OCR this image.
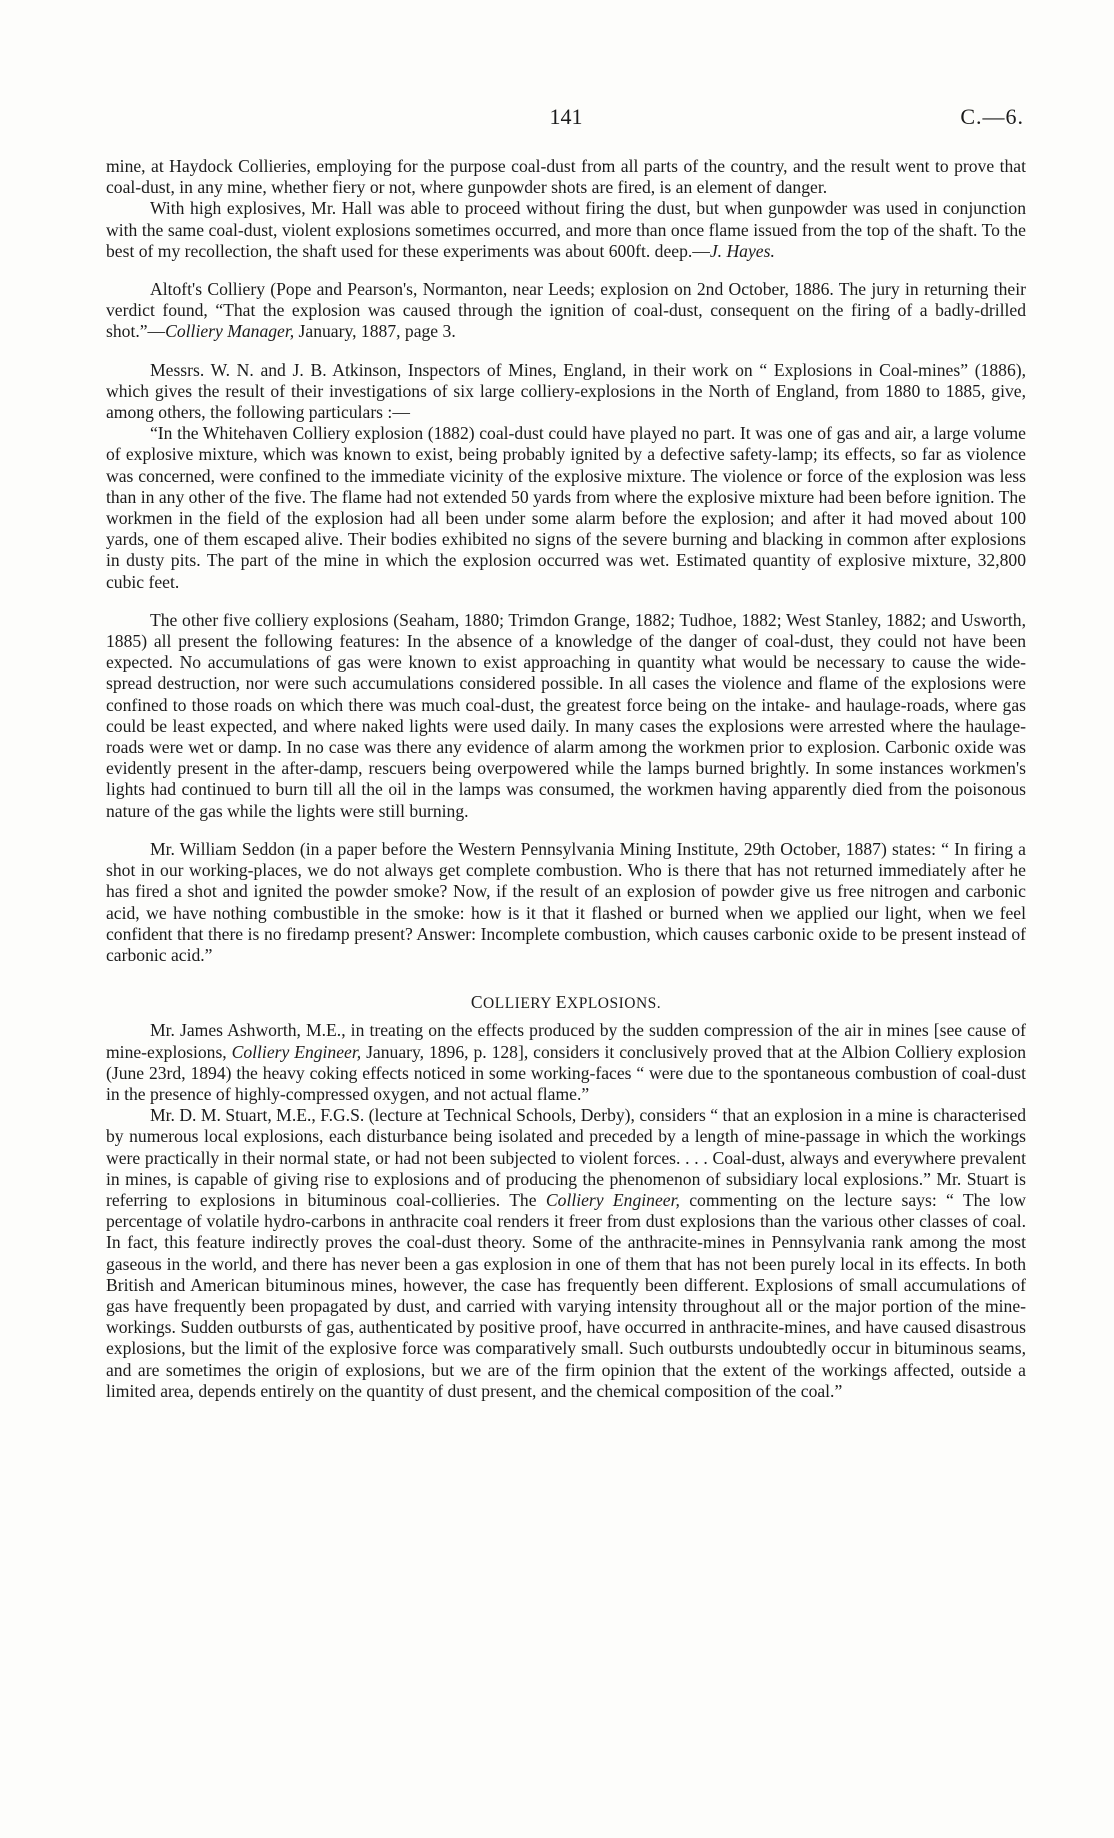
141	C.—6.

mine, at Haydock Collieries, employing for the purpose coal-dust from all parts of the country, and the result went to prove that coal-dust, in any mine, whether fiery or not, where gunpowder shots are fired, is an element of danger.

With high explosives, Mr. Hall was able to proceed without firing the dust, but when gunpowder was used in conjunction with the same coal-dust, violent explosions sometimes occurred, and more than once flame issued from the top of the shaft. To the best of my recollection, the shaft used for these experiments was about 600ft. deep.—J. Hayes.

Altoft's Colliery (Pope and Pearson's, Normanton, near Leeds; explosion on 2nd October, 1886. The jury in returning their verdict found, “That the explosion was caused through the ignition of coal-dust, consequent on the firing of a badly-drilled shot.”—Colliery Manager, January, 1887, page 3.

Messrs. W. N. and J. B. Atkinson, Inspectors of Mines, England, in their work on “ Explosions in Coal-mines” (1886), which gives the result of their investigations of six large colliery-explosions in the North of England, from 1880 to 1885, give, among others, the following particulars :—

“In the Whitehaven Colliery explosion (1882) coal-dust could have played no part. It was one of gas and air, a large volume of explosive mixture, which was known to exist, being probably ignited by a defective safety-lamp; its effects, so far as violence was concerned, were confined to the immediate vicinity of the explosive mixture. The violence or force of the explosion was less than in any other of the five. The flame had not extended 50 yards from where the explosive mixture had been before ignition. The workmen in the field of the explosion had all been under some alarm before the explosion; and after it had moved about 100 yards, one of them escaped alive. Their bodies exhibited no signs of the severe burning and blacking in common after explosions in dusty pits. The part of the mine in which the explosion occurred was wet. Estimated quantity of explosive mixture, 32,800 cubic feet.

The other five colliery explosions (Seaham, 1880; Trimdon Grange, 1882; Tudhoe, 1882; West Stanley, 1882; and Usworth, 1885) all present the following features: In the absence of a knowledge of the danger of coal-dust, they could not have been expected. No accumulations of gas were known to exist approaching in quantity what would be necessary to cause the wide-spread destruction, nor were such accumulations considered possible. In all cases the violence and flame of the explosions were confined to those roads on which there was much coal-dust, the greatest force being on the intake- and haulage-roads, where gas could be least expected, and where naked lights were used daily. In many cases the explosions were arrested where the haulage-roads were wet or damp. In no case was there any evidence of alarm among the workmen prior to explosion. Carbonic oxide was evidently present in the after-damp, rescuers being overpowered while the lamps burned brightly. In some instances workmen's lights had continued to burn till all the oil in the lamps was consumed, the workmen having apparently died from the poisonous nature of the gas while the lights were still burning.

Mr. William Seddon (in a paper before the Western Pennsylvania Mining Institute, 29th October, 1887) states: “ In firing a shot in our working-places, we do not always get complete combustion. Who is there that has not returned immediately after he has fired a shot and ignited the powder smoke? Now, if the result of an explosion of powder give us free nitrogen and carbonic acid, we have nothing combustible in the smoke: how is it that it flashed or burned when we applied our light, when we feel confident that there is no firedamp present? Answer: Incomplete combustion, which causes carbonic oxide to be present instead of carbonic acid.”

COLLIERY EXPLOSIONS.

Mr. James Ashworth, M.E., in treating on the effects produced by the sudden compression of the air in mines [see cause of mine-explosions, Colliery Engineer, January, 1896, p. 128], considers it conclusively proved that at the Albion Colliery explosion (June 23rd, 1894) the heavy coking effects noticed in some working-faces “ were due to the spontaneous combustion of coal-dust in the presence of highly-compressed oxygen, and not actual flame.”

Mr. D. M. Stuart, M.E., F.G.S. (lecture at Technical Schools, Derby), considers “ that an explosion in a mine is characterised by numerous local explosions, each disturbance being isolated and preceded by a length of mine-passage in which the workings were practically in their normal state, or had not been subjected to violent forces. . . . Coal-dust, always and everywhere prevalent in mines, is capable of giving rise to explosions and of producing the phenomenon of subsidiary local explosions.” Mr. Stuart is referring to explosions in bituminous coal-collieries. The Colliery Engineer, commenting on the lecture says: “ The low percentage of volatile hydro-carbons in anthracite coal renders it freer from dust explosions than the various other classes of coal. In fact, this feature indirectly proves the coal-dust theory. Some of the anthracite-mines in Pennsylvania rank among the most gaseous in the world, and there has never been a gas explosion in one of them that has not been purely local in its effects. In both British and American bituminous mines, however, the case has frequently been different. Explosions of small accumulations of gas have frequently been propagated by dust, and carried with varying intensity throughout all or the major portion of the mine-workings. Sudden outbursts of gas, authenticated by positive proof, have occurred in anthracite-mines, and have caused disastrous explosions, but the limit of the explosive force was comparatively small. Such outbursts undoubtedly occur in bituminous seams, and are sometimes the origin of explosions, but we are of the firm opinion that the extent of the workings affected, outside a limited area, depends entirely on the quantity of dust present, and the chemical composition of the coal.”
